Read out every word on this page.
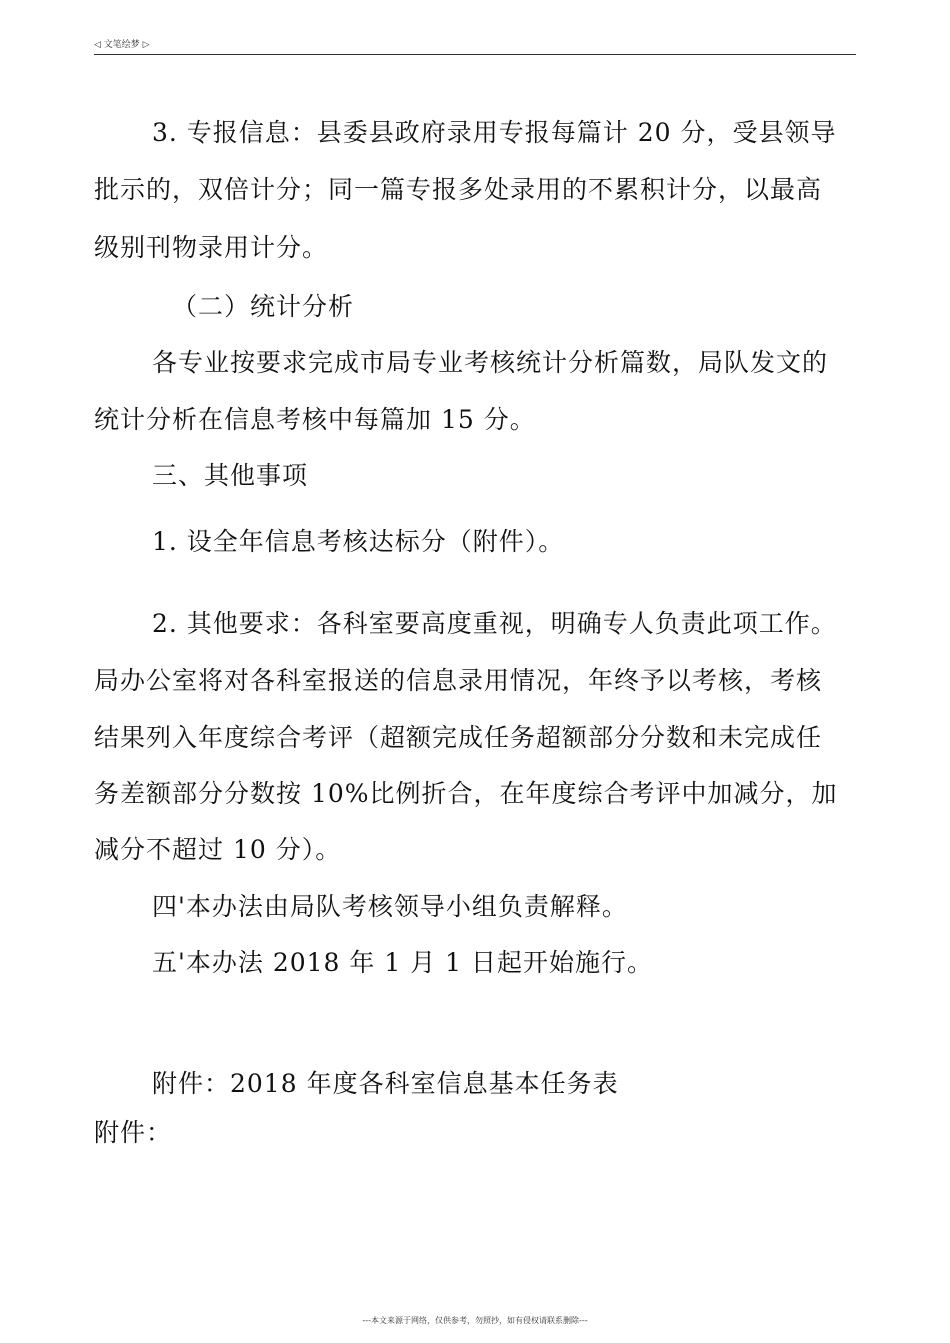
◁ 文笔绘梦 ▷
3. 专报信息：县委县政府录用专报每篇计 20 分，受县领导
批示的，双倍计分；同一篇专报多处录用的不累积计分，以最高
级别刊物录用计分。
（二）统计分析
各专业按要求完成市局专业考核统计分析篇数，局队发文的
统计分析在信息考核中每篇加 15 分。
三、其他事项
1. 设全年信息考核达标分（附件）。
2. 其他要求：各科室要高度重视，明确专人负责此项工作。
局办公室将对各科室报送的信息录用情况，年终予以考核，考核
结果列入年度综合考评（超额完成任务超额部分分数和未完成任
务差额部分分数按 10%比例折合，在年度综合考评中加减分，加
减分不超过 10 分）。
四'本办法由局队考核领导小组负责解释。
五'本办法 2018 年 1 月 1 日起开始施行。
附件：2018 年度各科室信息基本任务表
附件：
---本文来源于网络，仅供参考，勿照抄，如有侵权请联系删除---
